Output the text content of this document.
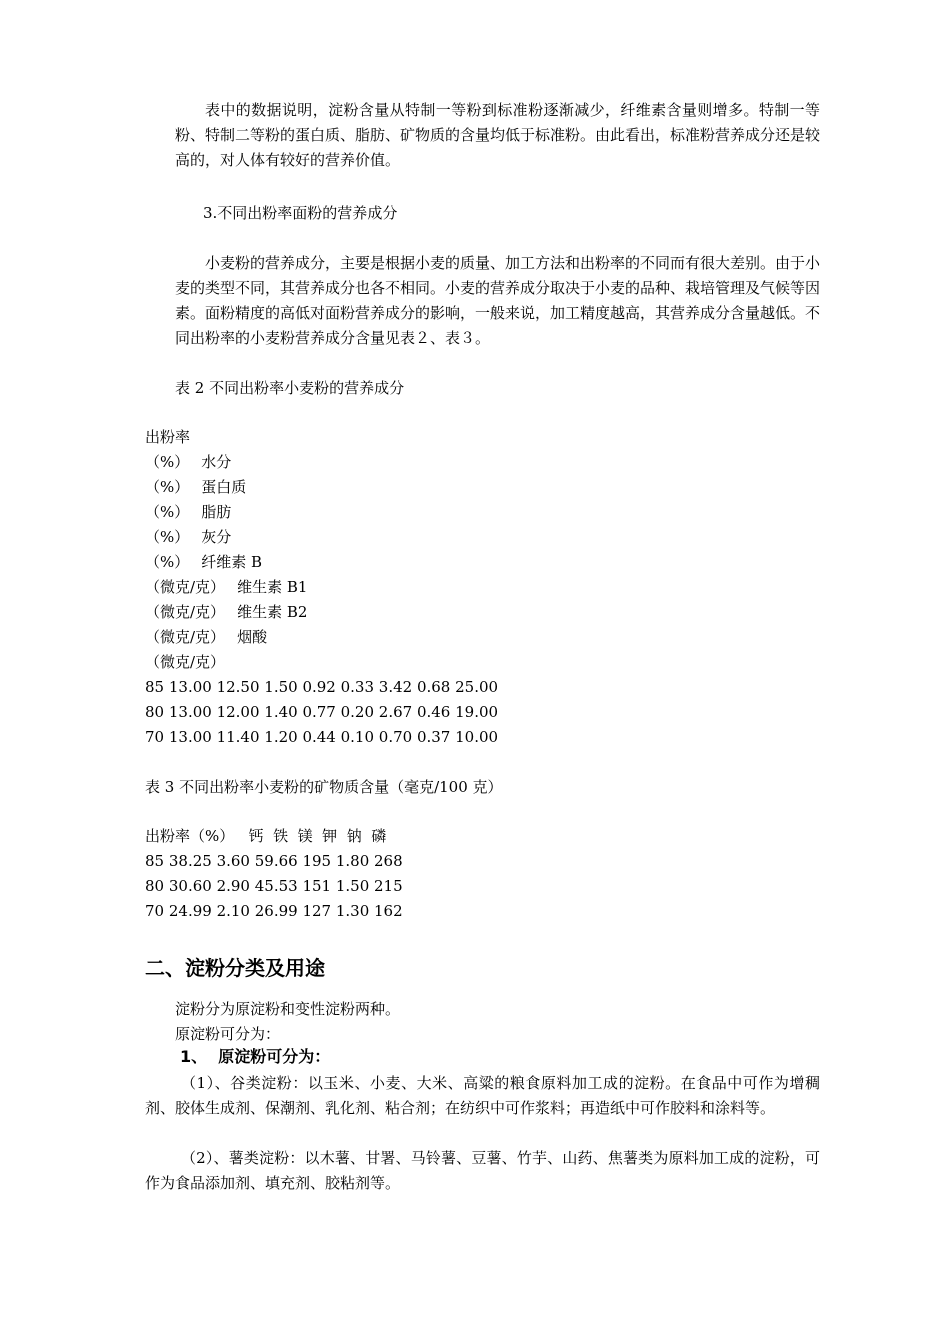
表中的数据说明，淀粉含量从特制一等粉到标准粉逐渐减少，纤维素含量则增多。特制一等粉、特制二等粉的蛋白质、脂肪、矿物质的含量均低于标准粉。由此看出，标准粉营养成分还是较高的，对人体有较好的营养价值。
3.不同出粉率面粉的营养成分
小麦粉的营养成分，主要是根据小麦的质量、加工方法和出粉率的不同而有很大差别。由于小麦的类型不同，其营养成分也各不相同。小麦的营养成分取决于小麦的品种、栽培管理及气候等因素。面粉精度的高低对面粉营养成分的影响，一般来说，加工精度越高，其营养成分含量越低。不同出粉率的小麦粉营养成分含量见表２、表３。
表 2 不同出粉率小麦粉的营养成分
出粉率
（%） 水分
（%） 蛋白质
（%） 脂肪
（%） 灰分
（%） 纤维素 B
（微克/克） 维生素 B1
（微克/克） 维生素 B2
（微克/克） 烟酸
（微克/克）
85 13.00 12.50 1.50 0.92 0.33 3.42 0.68 25.00
80 13.00 12.00 1.40 0.77 0.20 2.67 0.46 19.00
70 13.00 11.40 1.20 0.44 0.10 0.70 0.37 10.00
表 3 不同出粉率小麦粉的矿物质含量（毫克/100 克）
出粉率（%）   钙  铁  镁  钾  钠  磷
85 38.25 3.60 59.66 195 1.80 268
80 30.60 2.90 45.53 151 1.50 215
70 24.99 2.10 26.99 127 1.30 162
二、淀粉分类及用途
淀粉分为原淀粉和变性淀粉两种。
原淀粉可分为：
1、  原淀粉可分为：
（1）、谷类淀粉：以玉米、小麦、大米、高粱的粮食原料加工成的淀粉。在食品中可作为增稠剂、胶体生成剂、保潮剂、乳化剂、粘合剂；在纺织中可作浆料；再造纸中可作胶料和涂料等。
（2）、薯类淀粉：以木薯、甘署、马铃薯、豆薯、竹芋、山药、焦薯类为原料加工成的淀粉，可作为食品添加剂、填充剂、胶粘剂等。
